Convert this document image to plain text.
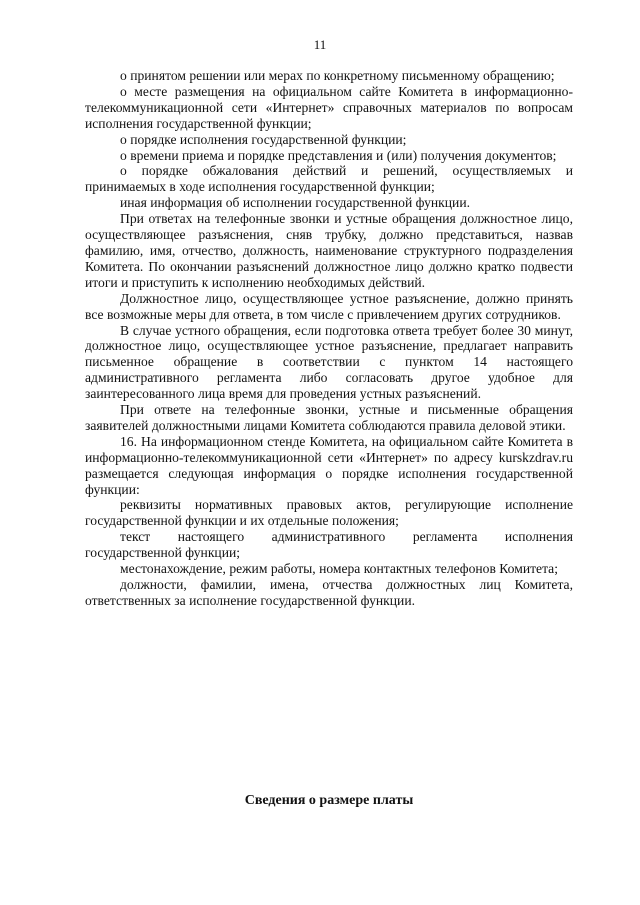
11

о принятом решении или мерах по конкретному письменному обращению;

о месте размещения на официальном сайте Комитета в информационно-телекоммуникационной сети «Интернет» справочных материалов по вопросам исполнения государственной функции;

о порядке исполнения государственной функции;

о времени приема и порядке представления и (или) получения документов;

о порядке обжалования действий и решений, осуществляемых и принимаемых в ходе исполнения государственной функции;

иная информация об исполнении государственной функции.

При ответах на телефонные звонки и устные обращения должностное лицо, осуществляющее разъяснения, сняв трубку, должно представиться, назвав фамилию, имя, отчество, должность, наименование структурного подразделения Комитета. По окончании разъяснений должностное лицо должно кратко подвести итоги и приступить к исполнению необходимых действий.

Должностное лицо, осуществляющее устное разъяснение, должно принять все возможные меры для ответа, в том числе с привлечением других сотрудников.

В случае устного обращения, если подготовка ответа требует более 30 минут, должностное лицо, осуществляющее устное разъяснение, предлагает направить письменное обращение в соответствии с пунктом 14 настоящего административного регламента либо согласовать другое удобное для заинтересованного лица время для проведения устных разъяснений.

При ответе на телефонные звонки, устные и письменные обращения заявителей должностными лицами Комитета соблюдаются правила деловой этики.

16. На информационном стенде Комитета, на официальном сайте Комитета в информационно-телекоммуникационной сети «Интернет» по адресу kurskzdrav.ru размещается следующая информация о порядке исполнения государственной функции:

реквизиты нормативных правовых актов, регулирующие исполнение государственной функции и их отдельные положения;

текст настоящего административного регламента исполнения государственной функции;

местонахождение, режим работы, номера контактных телефонов Комитета;

должности, фамилии, имена, отчества должностных лиц Комитета, ответственных за исполнение государственной функции.

Сведения о размере платы
